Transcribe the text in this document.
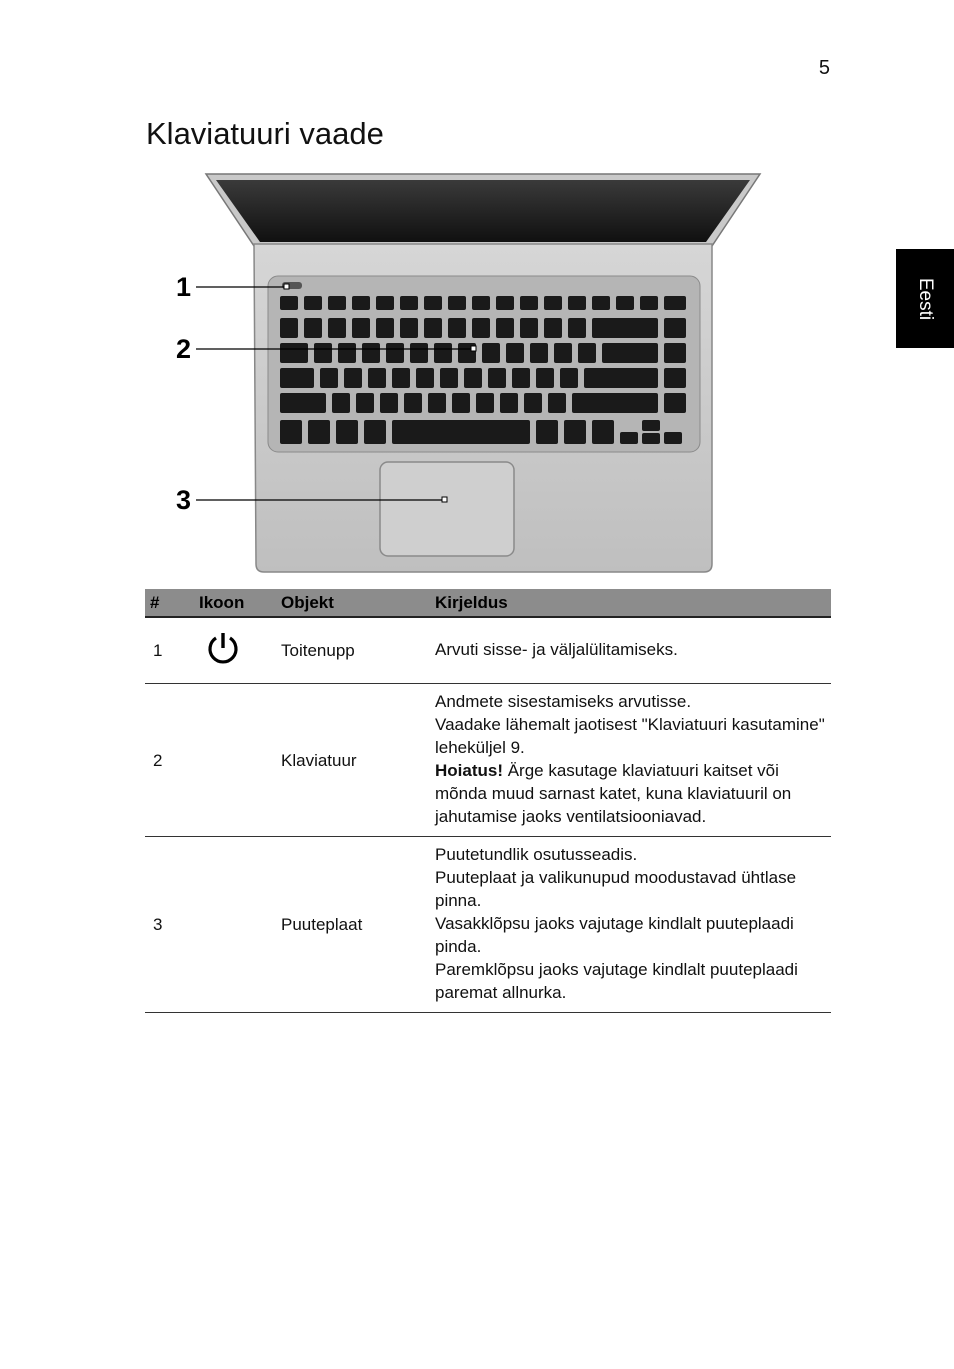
5
Klaviatuuri vaade
Eesti
1
2
3
#	Ikoon	Objekt	Kirjeldus
1		Toitenupp	Arvuti sisse- ja väljalülitamiseks.

2		Klaviatuur	Andmete sisestamiseks arvutisse.

Vaadake lähemalt jaotisest "Klaviatuuri kasutamine" leheküljel 9.

Hoiatus! Ärge kasutage klaviatuuri kaitset või mõnda muud sarnast katet, kuna klaviatuuril on jahutamise jaoks ventilatsiooniavad.

3		Puuteplaat	Puutetundlik osutusseadis.

Puuteplaat ja valikunupud moodustavad ühtlase pinna.

Vasakklõpsu jaoks vajutage kindlalt puuteplaadi pinda.

Paremklõpsu jaoks vajutage kindlalt puuteplaadi paremat allnurka.
